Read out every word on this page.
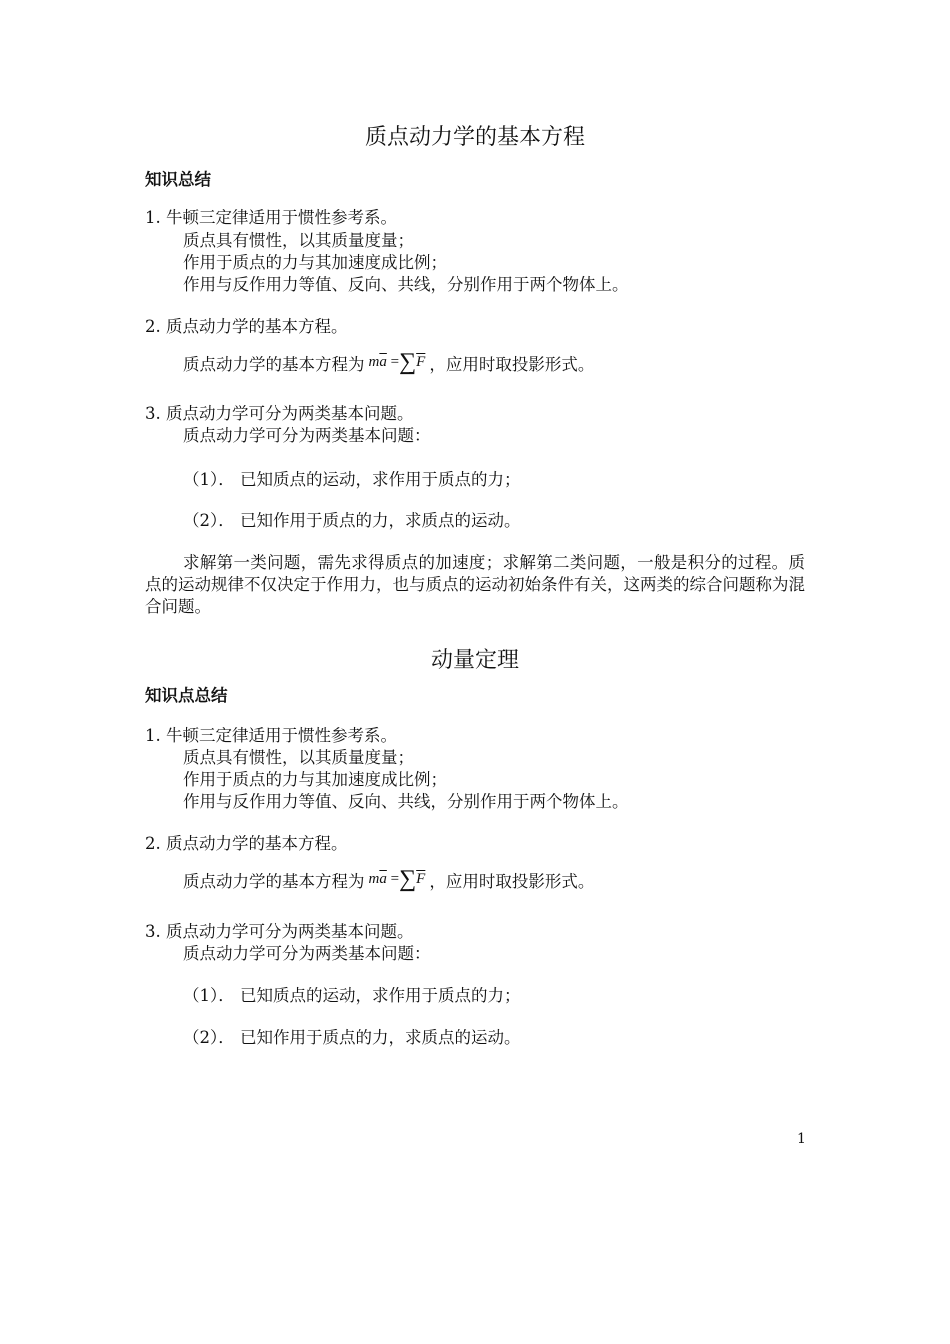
质点动力学的基本方程
知识总结
1. 牛顿三定律适用于惯性参考系。
质点具有惯性，以其质量度量；
作用于质点的力与其加速度成比例；
作用与反作用力等值、反向、共线，分别作用于两个物体上。
2. 质点动力学的基本方程。
质点动力学的基本方程为 $m\overline{a} =\sum\overline{F}$ ，应用时取投影形式。
3. 质点动力学可分为两类基本问题。
质点动力学可分为两类基本问题：
（1）． 已知质点的运动，求作用于质点的力；
（2）． 已知作用于质点的力，求质点的运动。
求解第一类问题，需先求得质点的加速度；求解第二类问题，一般是积分的过程。质点的运动规律不仅决定于作用力，也与质点的运动初始条件有关，这两类的综合问题称为混合问题。
动量定理
知识点总结
1. 牛顿三定律适用于惯性参考系。
质点具有惯性，以其质量度量；
作用于质点的力与其加速度成比例；
作用与反作用力等值、反向、共线，分别作用于两个物体上。
2. 质点动力学的基本方程。
质点动力学的基本方程为 $m\overline{a} =\sum\overline{F}$ ，应用时取投影形式。
3. 质点动力学可分为两类基本问题。
质点动力学可分为两类基本问题：
（1）． 已知质点的运动，求作用于质点的力；
（2）． 已知作用于质点的力，求质点的运动。
1
